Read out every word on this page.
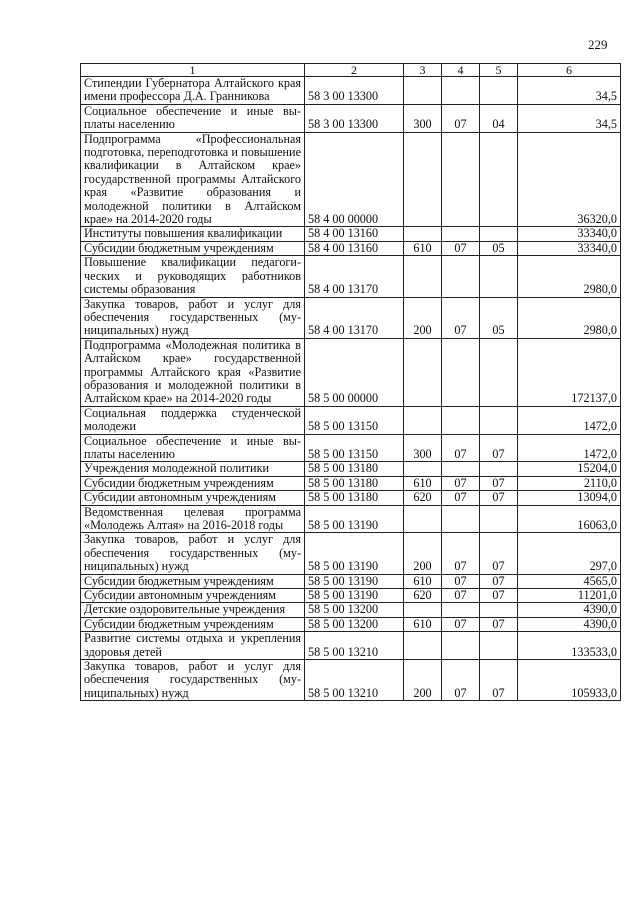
229
1	2	3	4	5	6
Стипендии Губернатора Алтайского края имени профессора Д.А. Гранникова	58 3 00 13300				34,5
Социальное обеспечение и иные выплаты населению	58 3 00 13300	300	07	04	34,5
Подпрограмма «Профессиональная подготовка, переподготовка и повышение квалификации в Алтайском крае» государственной программы Алтайского края «Развитие образования и молодежной политики в Алтайском крае» на 2014-2020 годы	58 4 00 00000				36320,0
Институты повышения квалификации	58 4 00 13160				33340,0
Субсидии бюджетным учреждениям	58 4 00 13160	610	07	05	33340,0
Повышение квалификации педагогических и руководящих работников системы образования	58 4 00 13170				2980,0
Закупка товаров, работ и услуг для обеспечения государственных (муниципальных) нужд	58 4 00 13170	200	07	05	2980,0
Подпрограмма «Молодежная политика в Алтайском крае» государственной программы Алтайского края «Развитие образования и молодежной политики в Алтайском крае» на 2014-2020 годы	58 5 00 00000				172137,0
Социальная поддержка студенческой молодежи	58 5 00 13150				1472,0
Социальное обеспечение и иные выплаты населению	58 5 00 13150	300	07	07	1472,0
Учреждения молодежной политики	58 5 00 13180				15204,0
Субсидии бюджетным учреждениям	58 5 00 13180	610	07	07	2110,0
Субсидии автономным учреждениям	58 5 00 13180	620	07	07	13094,0
Ведомственная целевая программа «Молодежь Алтая» на 2016-2018 годы	58 5 00 13190				16063,0
Закупка товаров, работ и услуг для обеспечения государственных (муниципальных) нужд	58 5 00 13190	200	07	07	297,0
Субсидии бюджетным учреждениям	58 5 00 13190	610	07	07	4565,0
Субсидии автономным учреждениям	58 5 00 13190	620	07	07	11201,0
Детские оздоровительные учреждения	58 5 00 13200				4390,0
Субсидии бюджетным учреждениям	58 5 00 13200	610	07	07	4390,0
Развитие системы отдыха и укрепления здоровья детей	58 5 00 13210				133533,0
Закупка товаров, работ и услуг для обеспечения государственных (муниципальных) нужд	58 5 00 13210	200	07	07	105933,0
